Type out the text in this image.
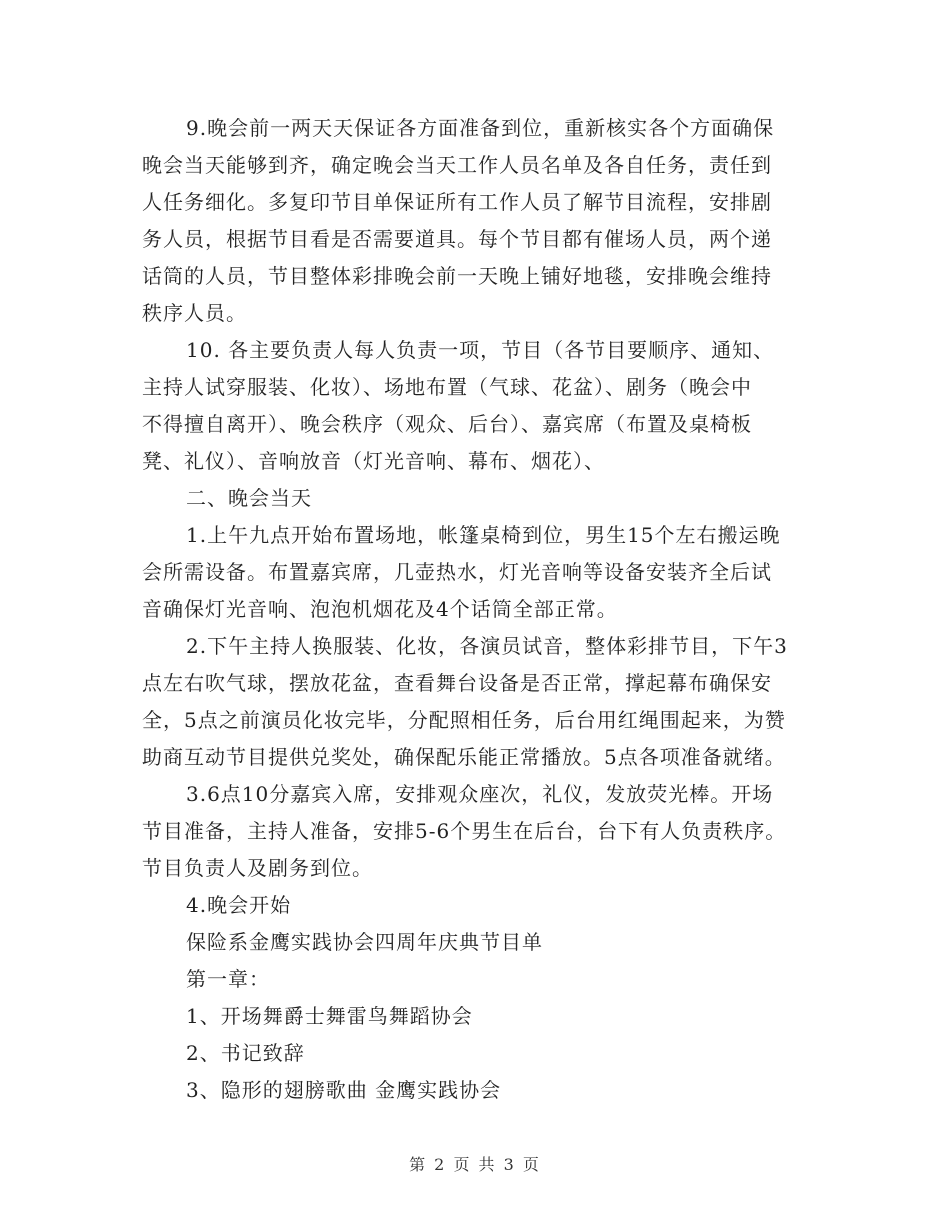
9.晚会前一两天天保证各方面准备到位，重新核实各个方面确保
晚会当天能够到齐，确定晚会当天工作人员名单及各自任务，责任到
人任务细化。多复印节目单保证所有工作人员了解节目流程，安排剧
务人员，根据节目看是否需要道具。每个节目都有催场人员，两个递
话筒的人员，节目整体彩排晚会前一天晚上铺好地毯，安排晚会维持
秩序人员。
10. 各主要负责人每人负责一项，节目（各节目要顺序、通知、
主持人试穿服装、化妆）、场地布置（气球、花盆）、剧务（晚会中
不得擅自离开）、晚会秩序（观众、后台）、嘉宾席（布置及桌椅板
凳、礼仪）、音响放音（灯光音响、幕布、烟花）、
二、晚会当天
1.上午九点开始布置场地，帐篷桌椅到位，男生15个左右搬运晚
会所需设备。布置嘉宾席，几壶热水，灯光音响等设备安装齐全后试
音确保灯光音响、泡泡机烟花及4个话筒全部正常。
2.下午主持人换服装、化妆，各演员试音，整体彩排节目，下午3
点左右吹气球，摆放花盆，查看舞台设备是否正常，撑起幕布确保安
全，5点之前演员化妆完毕，分配照相任务，后台用红绳围起来，为赞
助商互动节目提供兑奖处，确保配乐能正常播放。5点各项准备就绪。
3.6点10分嘉宾入席，安排观众座次，礼仪，发放荧光棒。开场
节目准备，主持人准备，安排5-6个男生在后台，台下有人负责秩序。
节目负责人及剧务到位。
4.晚会开始
保险系金鹰实践协会四周年庆典节目单
第一章：
1、开场舞爵士舞雷鸟舞蹈协会
2、书记致辞
3、隐形的翅膀歌曲 金鹰实践协会
第 2 页 共 3 页
